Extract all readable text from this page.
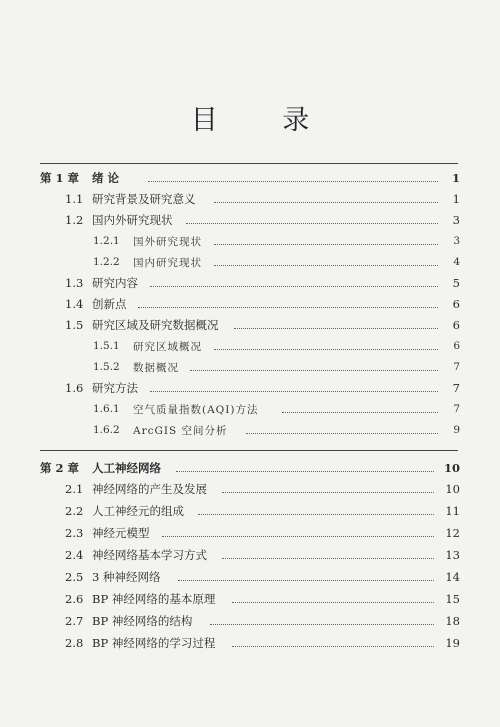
目 录
第 1 章 绪 论	1
1.1 研究背景及研究意义	1
1.2 国内外研究现状	3
1.2.1 国外研究现状	3
1.2.2 国内研究现状	4
1.3 研究内容	5
1.4 创新点	6
1.5 研究区域及研究数据概况	6
1.5.1 研究区域概况	6
1.5.2 数据概况	7
1.6 研究方法	7
1.6.1 空气质量指数(AQI)方法	7
1.6.2 ArcGIS 空间分析	9
第 2 章 人工神经网络	10
2.1 神经网络的产生及发展	10
2.2 人工神经元的组成	11
2.3 神经元模型	12
2.4 神经网络基本学习方式	13
2.5 3 种神经网络	14
2.6 BP 神经网络的基本原理	15
2.7 BP 神经网络的结构	18
2.8 BP 神经网络的学习过程	19
